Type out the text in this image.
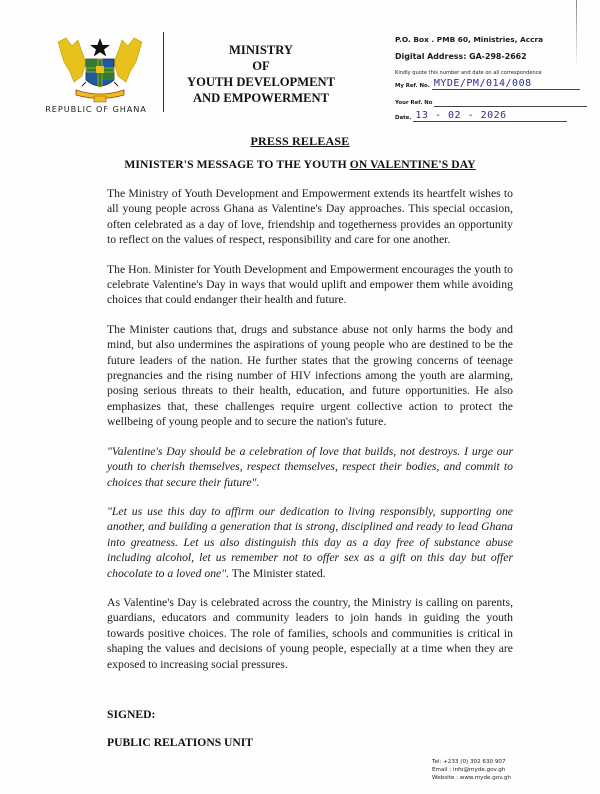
REPUBLIC OF GHANA
MINISTRY
OF
YOUTH DEVELOPMENT
AND EMPOWERMENT
P.O. Box . PMB 60, Ministries, Accra
Digital Address: GA-298-2662
Kindly quote this number and date on all correspondence
My Ref. No. MYDE/PM/014/008
Your Ref. No
Date. 13 - 02 - 2026
PRESS RELEASE
MINISTER'S MESSAGE TO THE YOUTH ON VALENTINE'S DAY

The Ministry of Youth Development and Empowerment extends its heartfelt wishes to all young people across Ghana as Valentine's Day approaches. This special occasion, often celebrated as a day of love, friendship and togetherness provides an opportunity to reflect on the values of respect, responsibility and care for one another.

The Hon. Minister for Youth Development and Empowerment encourages the youth to celebrate Valentine's Day in ways that would uplift and empower them while avoiding choices that could endanger their health and future.

The Minister cautions that, drugs and substance abuse not only harms the body and mind, but also undermines the aspirations of young people who are destined to be the future leaders of the nation. He further states that the growing concerns of teenage pregnancies and the rising number of HIV infections among the youth are alarming, posing serious threats to their health, education, and future opportunities. He also emphasizes that, these challenges require urgent collective action to protect the wellbeing of young people and to secure the nation's future.

"Valentine's Day should be a celebration of love that builds, not destroys. I urge our youth to cherish themselves, respect themselves, respect their bodies, and commit to choices that secure their future".

"Let us use this day to affirm our dedication to living responsibly, supporting one another, and building a generation that is strong, disciplined and ready to lead Ghana into greatness. Let us also distinguish this day as a day free of substance abuse including alcohol, let us remember not to offer sex as a gift on this day but offer chocolate to a loved one". The Minister stated.

As Valentine's Day is celebrated across the country, the Ministry is calling on parents, guardians, educators and community leaders to join hands in guiding the youth towards positive choices. The role of families, schools and communities is critical in shaping the values and decisions of young people, especially at a time when they are exposed to increasing social pressures.

SIGNED:
PUBLIC RELATIONS UNIT
Tel: +233 (0) 302 630 907
Email : info@myde.gov.gh
Website : www.myde.gov.gh
